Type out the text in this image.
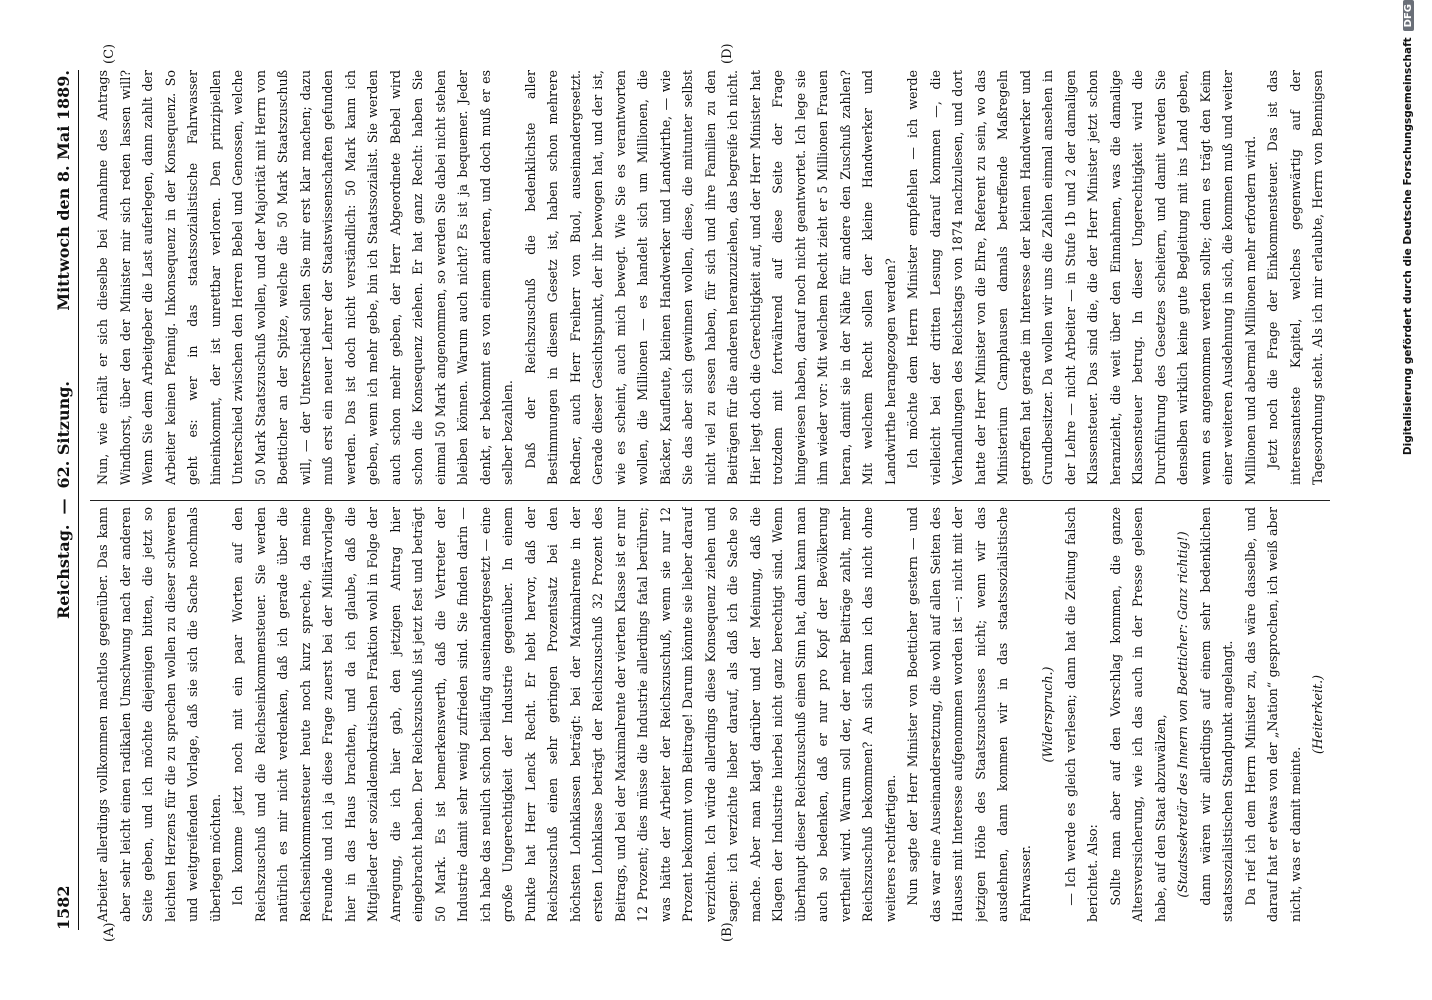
1582
Reichstag.—62. Sitzung.
Mittwoch den 8. Mai 1889.
(A)	(B)
(C)	(D)

Arbeiter allerdings vollkommen machtlos gegenüber. Das kann aber sehr leicht einen radikalen Umschwung nach der anderen Seite geben, und ich möchte diejenigen bitten, die jetzt so leichten Herzens für die zu sprechen wollen zu dieser schweren und weitgreifenden Vorlage, daß sie sich die Sache nochmals überlegen möchten. Ich komme jetzt noch mit ein paar Worten auf den Reichszuschuß und die Reichseinkommensteuer. Sie werden natürlich es mir nicht verdenken, daß ich gerade über die Reichseinkommensteuer heute noch kurz spreche, da meine Freunde und ich ja diese Frage zuerst bei der Militärvorlage hier in das Haus brachten, und da ich glaube, daß die Mitglieder der sozialdemokratischen Fraktion wohl in Folge der Anregung, die ich hier gab, den jetzigen Antrag hier eingebracht haben. Der Reichszuschuß ist jetzt fest und beträgt 50 Mark. Es ist bemerkenswerth, daß die Vertreter der Industrie damit sehr wenig zufrieden sind. Sie finden darin — ich habe das neulich schon beiläufig auseinandergesetzt — eine große Ungerechtigkeit der Industrie gegenüber. In einem Punkte hat Herr Lenck Recht. Er hebt hervor, daß der Reichszuschuß einen sehr geringen Prozentsatz bei den höchsten Lohnklassen beträgt: bei der Maximalrente in der ersten Lohnklasse beträgt der Reichszuschuß 32 Prozent des Beitrags, und bei der Maximalrente der vierten Klasse ist er nur 12 Prozent; dies müsse die Industrie allerdings fatal berühren; was hätte der Arbeiter der Reichszuschuß, wenn sie nur 12 Prozent bekommt vom Beitrage! Darum könnte sie lieber darauf verzichten. Ich würde allerdings diese Konsequenz ziehen und sagen: ich verzichte lieber darauf, als daß ich die Sache so mache. Aber man klagt darüber und der Meinung, daß die Klagen der Industrie hierbei nicht ganz berechtigt sind. Wenn überhaupt dieser Reichszuschuß einen Sinn hat, dann kann man auch so bedenken, daß er nur pro Kopf der Bevölkerung vertheilt wird. Warum soll der, der mehr Beiträge zahlt, mehr Reichszuschuß bekommen? An sich kann ich das nicht ohne weiteres rechtfertigen. Nun sagte der Herr Minister von Boetticher gestern — und das war eine Auseinandersetzung, die wohl auf allen Seiten des Hauses mit Interesse aufgenommen worden ist —: nicht mit der jetzigen Höhe des Staatszuschusses nicht; wenn wir das ausdehnen, dann kommen wir in das staatssozialistische Fahrwasser.

(Widerspruch.) — Ich werde es gleich verlesen; dann hat die Zeitung falsch berichtet. Also: Sollte man aber auf den Vorschlag kommen, die ganze Altersversicherung, wie ich das auch in der Presse gelesen habe, auf den Staat abzuwälzen, (Staatssekretär des Innern von Boetticher: Ganz richtig!) dann wären wir allerdings auf einem sehr bedenklichen staatssozialistischen Standpunkt angelangt. Da rief ich dem Herrn Minister zu, das wäre dasselbe, und darauf hat er etwas von der „Nation“ gesprochen, ich weiß aber nicht, was er damit meinte.

(Heiterkeit.)

Nun, wie erhält er sich dieselbe bei Annahme des Antrags Windhorst, über den der Minister mir sich reden lassen will? Wenn Sie dem Arbeitgeber die Last auferlegen, dann zahlt der Arbeiter keinen Pfennig. Inkonsequenz in der Konsequenz. So geht es: wer in das staatssozialistische Fahrwasser hineinkommt, der ist unrettbar verloren. Den prinzipiellen Unterschied zwischen den Herren Bebel und Genossen, welche 50 Mark Staatszuschuß wollen, und der Majorität mit Herrn von Boetticher an der Spitze, welche die 50 Mark Staatszuschuß will, — der Unterschied sollen Sie mir erst klar machen; dazu muß erst ein neuer Lehrer der Staatswissenschaften gefunden werden. Das ist doch nicht verständlich: 50 Mark kann ich geben, wenn ich mehr gebe, bin ich Staatssozialist. Sie werden auch schon mehr geben, der Herr Abgeordnete Bebel wird schon die Konsequenz ziehen. Er hat ganz Recht: haben Sie einmal 50 Mark angenommen, so werden Sie dabei nicht stehen bleiben können. Warum auch nicht? Es ist ja bequemer. Jeder denkt, er bekommt es von einem anderen, und doch muß er es selber bezahlen. Daß der Reichszuschuß die bedenklichste aller Bestimmungen in diesem Gesetz ist, haben schon mehrere Redner, auch Herr Freiherr von Buol, auseinandergesetzt. Gerade dieser Gesichtspunkt, der ihr bewogen hat, und der ist, wie es scheint, auch mich bewegt. Wie Sie es verantworten wollen, die Millionen — es handelt sich um Millionen, die Bäcker, Kaufleute, kleinen Handwerker und Landwirthe, — wie Sie das aber sich gewinnen wollen, diese, die mitunter selbst nicht viel zu essen haben, für sich und ihre Familien zu den Beiträgen für die anderen heranzuziehen, das begreife ich nicht. Hier liegt doch die Gerechtigkeit auf, und der Herr Minister hat trotzdem mit fortwährend auf diese Seite der Frage hingewiesen haben, darauf noch nicht geantwortet. Ich lege sie ihm wieder vor: Mit welchem Recht zieht er 5 Millionen Frauen heran, damit sie in der Nähe für andere den Zuschuß zahlen? Mit welchem Recht sollen der kleine Handwerker und Landwirthe herangezogen werden? Ich möchte dem Herrn Minister empfehlen — ich werde vielleicht bei der dritten Lesung darauf kommen —, die Verhandlungen des Reichstags von 1874 nachzulesen, und dort hatte der Herr Minister von die Ehre, Referent zu sein, wo das Ministerium Camphausen damals betreffende Maßregeln getroffen hat gerade im Interesse der kleinen Handwerker und Grundbesitzer. Da wollen wir uns die Zahlen einmal ansehen in der Lehre — nicht Arbeiter — in Stufe 1b und 2 der damaligen Klassensteuer. Das sind die, die der Herr Minister jetzt schon heranzieht, die weit über den Einnahmen, was die damalige Klassensteuer betrug. In dieser Ungerechtigkeit wird die Durchführung des Gesetzes scheitern, und damit werden Sie denselben wirklich keine gute Begleitung mit ins Land geben, wenn es angenommen werden sollte; denn es trägt den Keim einer weiteren Ausdehnung in sich, die kommen muß und weiter Millionen und abermal Millionen mehr erfordern wird. Jetzt noch die Frage der Einkommensteuer. Das ist das interessanteste Kapitel, welches gegenwärtig auf der Tagesordnung steht. Als ich mir erlaubte, Herrn von Bennigsen	Digitalisierung gefördert durch die Deutsche ForschungsgemeinschaftDFG
